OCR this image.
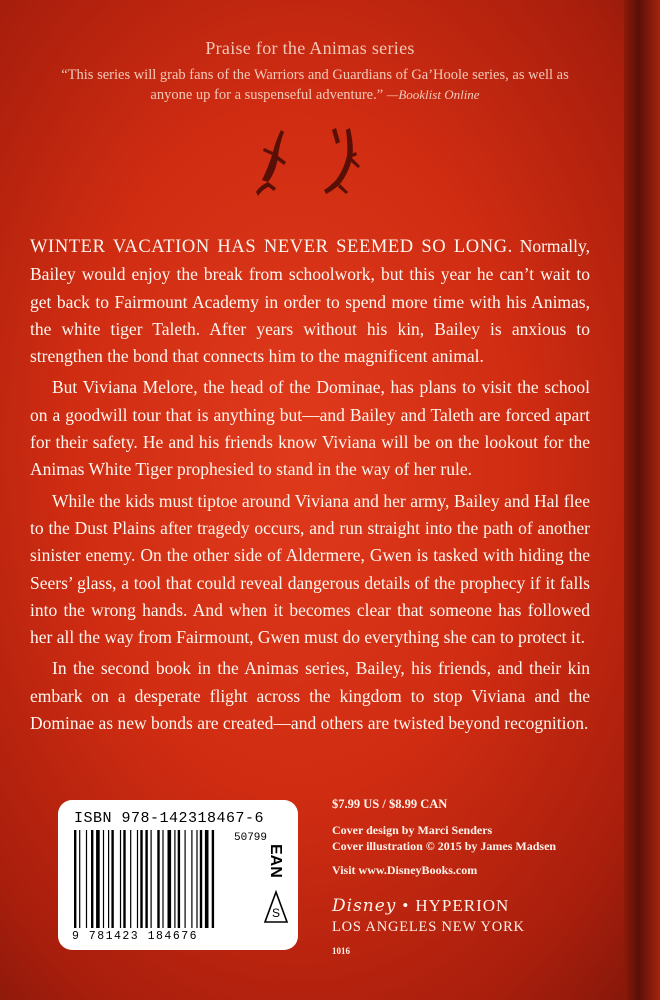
Praise for the Animas series
“This series will grab fans of the Warriors and Guardians of Ga’Hoole series, as well as anyone up for a suspenseful adventure.” —Booklist Online

WINTER VACATION HAS NEVER SEEMED SO LONG. Normally, Bailey would enjoy the break from schoolwork, but this year he can’t wait to get back to Fairmount Academy in order to spend more time with his Animas, the white tiger Taleth. After years without his kin, Bailey is anxious to strengthen the bond that connects him to the magnificent animal.

But Viviana Melore, the head of the Dominae, has plans to visit the school on a goodwill tour that is anything but—and Bailey and Taleth are forced apart for their safety. He and his friends know Viviana will be on the lookout for the Animas White Tiger prophesied to stand in the way of her rule.

While the kids must tiptoe around Viviana and her army, Bailey and Hal flee to the Dust Plains after tragedy occurs, and run straight into the path of another sinister enemy. On the other side of Aldermere, Gwen is tasked with hiding the Seers’ glass, a tool that could reveal dangerous details of the prophecy if it falls into the wrong hands. And when it becomes clear that someone has followed her all the way from Fairmount, Gwen must do everything she can to protect it.

In the second book in the Animas series, Bailey, his friends, and their kin embark on a desperate flight across the kingdom to stop Viviana and the Dominae as new bonds are created—and others are twisted beyond recognition.

ISBN 978-142318467-6
50799
9 781423 184676
EAN
S
$7.99 US / $8.99 CAN
Cover design by Marci Senders
Cover illustration © 2015 by James Madsen
Visit www.DisneyBooks.com
Disney • HYPERION
LOS ANGELES NEW YORK
1016
